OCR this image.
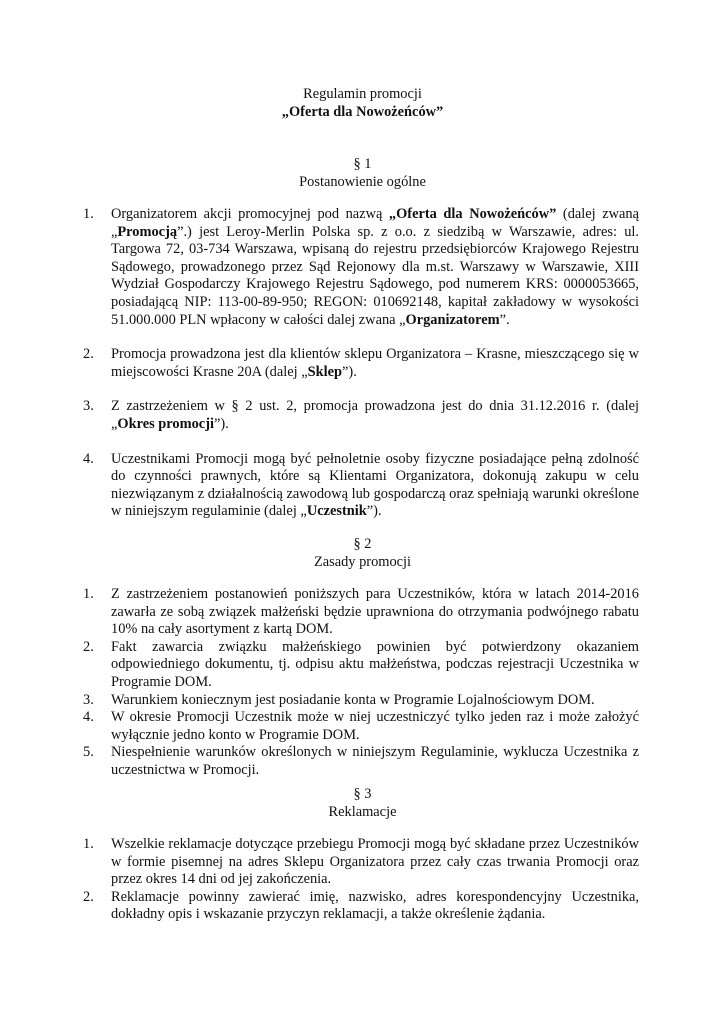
Regulamin promocji
„Oferta dla Nowożeńców”
§ 1
Postanowienie ogólne
1. Organizatorem akcji promocyjnej pod nazwą „Oferta dla Nowożeńców” (dalej zwaną „Promocją”.) jest Leroy-Merlin Polska sp. z o.o. z siedzibą w Warszawie, adres: ul. Targowa 72, 03-734 Warszawa, wpisaną do rejestru przedsiębiorców Krajowego Rejestru Sądowego, prowadzonego przez Sąd Rejonowy dla m.st. Warszawy w Warszawie, XIII Wydział Gospodarczy Krajowego Rejestru Sądowego, pod numerem KRS: 0000053665, posiadającą NIP: 113-00-89-950; REGON: 010692148, kapitał zakładowy w wysokości 51.000.000 PLN wpłacony w całości dalej zwana „Organizatorem”.
2. Promocja prowadzona jest dla klientów sklepu Organizatora – Krasne, mieszczącego się w miejscowości Krasne 20A (dalej „Sklep”).
3. Z zastrzeżeniem w § 2 ust. 2, promocja prowadzona jest do dnia 31.12.2016 r. (dalej „Okres promocji”).
4. Uczestnikami Promocji mogą być pełnoletnie osoby fizyczne posiadające pełną zdolność do czynności prawnych, które są Klientami Organizatora, dokonują zakupu w celu niezwiązanym z działalnością zawodową lub gospodarczą oraz spełniają warunki określone w niniejszym regulaminie (dalej „Uczestnik”).
§ 2
Zasady promocji
1. Z zastrzeżeniem postanowień poniższych para Uczestników, która w latach 2014-2016 zawarła ze sobą związek małżeński będzie uprawniona do otrzymania podwójnego rabatu 10% na cały asortyment z kartą DOM.
2. Fakt zawarcia związku małżeńskiego powinien być potwierdzony okazaniem odpowiedniego dokumentu, tj. odpisu aktu małżeństwa, podczas rejestracji Uczestnika w Programie DOM.
3. Warunkiem koniecznym jest posiadanie konta w Programie Lojalnościowym DOM.
4. W okresie Promocji Uczestnik może w niej uczestniczyć tylko jeden raz i może założyć wyłącznie jedno konto w Programie DOM.
5. Niespełnienie warunków określonych w niniejszym Regulaminie, wyklucza Uczestnika z uczestnictwa w Promocji.
§ 3
Reklamacje
1. Wszelkie reklamacje dotyczące przebiegu Promocji mogą być składane przez Uczestników w formie pisemnej na adres Sklepu Organizatora przez cały czas trwania Promocji oraz przez okres 14 dni od jej zakończenia.
2. Reklamacje powinny zawierać imię, nazwisko, adres korespondencyjny Uczestnika, dokładny opis i wskazanie przyczyn reklamacji, a także określenie żądania.
